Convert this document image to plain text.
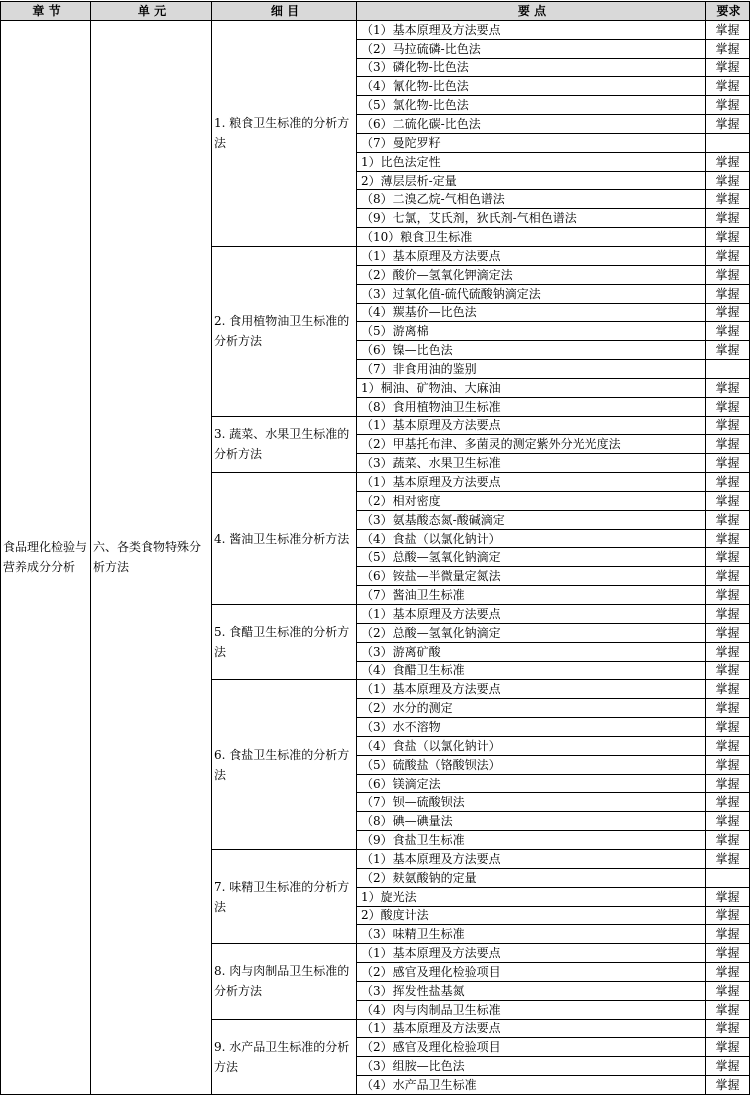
章 节	单 元	细 目	要 点	要求
食品理化检验与营养成分分析	六、各类食物特殊分析方法	1. 粮食卫生标准的分析方法	（1）基本原理及方法要点	掌握
			（2）马拉硫磷-比色法	掌握
			（3）磷化物-比色法	掌握
			（4）氰化物-比色法	掌握
			（5）氯化物-比色法	掌握
			（6）二硫化碳-比色法	掌握
			（7）曼陀罗籽	
			1）比色法定性	掌握
			2）薄层层析-定量	掌握
			（8）二溴乙烷-气相色谱法	掌握
			（9）七氯，艾氏剂，狄氏剂-气相色谱法	掌握
			（10）粮食卫生标准	掌握
		2. 食用植物油卫生标准的分析方法	（1）基本原理及方法要点	掌握
			（2）酸价—氢氧化钾滴定法	掌握
			（3）过氧化值-硫代硫酸钠滴定法	掌握
			（4）羰基价—比色法	掌握
			（5）游离棉	掌握
			（6）镍—比色法	掌握
			（7）非食用油的鉴别	
			1）桐油、矿物油、大麻油	掌握
			（8）食用植物油卫生标准	掌握
		3. 蔬菜、水果卫生标准的分析方法	（1）基本原理及方法要点	掌握
			（2）甲基托布津、多菌灵的测定紫外分光光度法	掌握
			（3）蔬菜、水果卫生标准	掌握
		4. 酱油卫生标准分析方法	（1）基本原理及方法要点	掌握
			（2）相对密度	掌握
			（3）氨基酸态氮-酸碱滴定	掌握
			（4）食盐（以氯化钠计）	掌握
			（5）总酸—氢氧化钠滴定	掌握
			（6）铵盐—半微量定氮法	掌握
			（7）酱油卫生标准	掌握
		5. 食醋卫生标准的分析方法	（1）基本原理及方法要点	掌握
			（2）总酸—氢氧化钠滴定	掌握
			（3）游离矿酸	掌握
			（4）食醋卫生标准	掌握
		6. 食盐卫生标准的分析方法	（1）基本原理及方法要点	掌握
			（2）水分的测定	掌握
			（3）水不溶物	掌握
			（4）食盐（以氯化钠计）	掌握
			（5）硫酸盐（铬酸钡法）	掌握
			（6）镁滴定法	掌握
			（7）钡—硫酸钡法	掌握
			（8）碘—碘量法	掌握
			（9）食盐卫生标准	掌握
		7. 味精卫生标准的分析方法	（1）基本原理及方法要点	掌握
			（2）麸氨酸钠的定量	
			1）旋光法	掌握
			2）酸度计法	掌握
			（3）味精卫生标准	掌握
		8. 肉与肉制品卫生标准的分析方法	（1）基本原理及方法要点	掌握
			（2）感官及理化检验项目	掌握
			（3）挥发性盐基氮	掌握
			（4）肉与肉制品卫生标准	掌握
		9. 水产品卫生标准的分析方法	（1）基本原理及方法要点	掌握
			（2）感官及理化检验项目	掌握
			（3）组胺—比色法	掌握
			（4）水产品卫生标准	掌握
